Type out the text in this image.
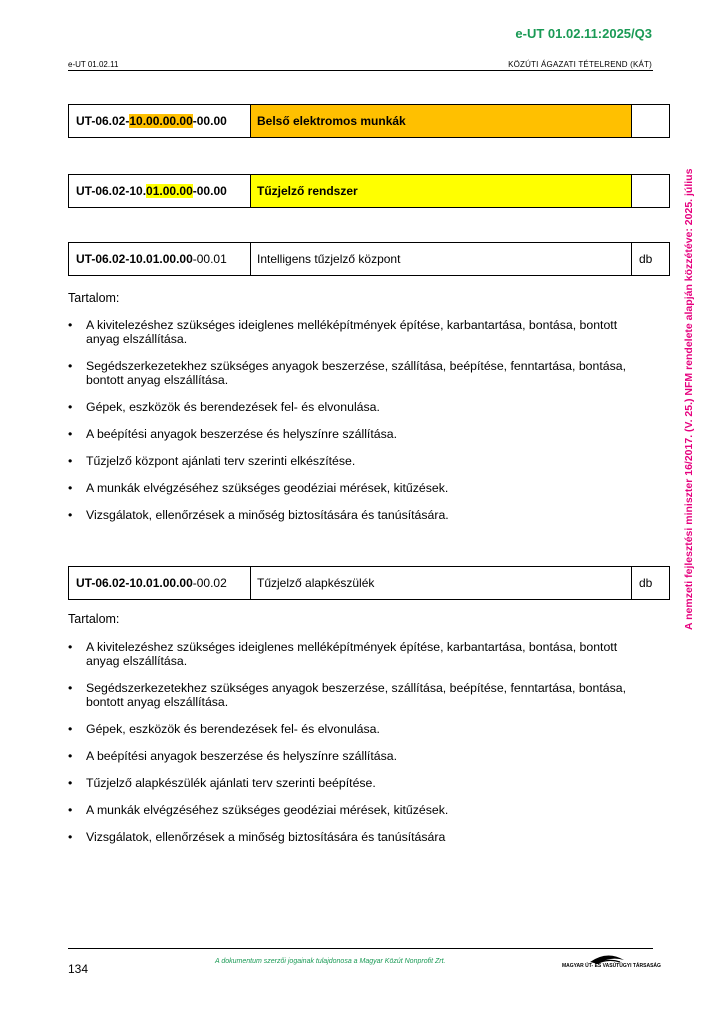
e-UT 01.02.11:2025/Q3
e-UT 01.02.11	KÖZÚTI ÁGAZATI TÉTELREND (KÁT)
A nemzeti fejlesztési miniszter 16/2017. (V. 25.) NFM rendelete alapján közzétéve: 2025. július
UT-06.02- 10.00.00.00 -00.00	Belső elektromos munkák
UT-06.02-10. 01.00.00 -00.00	Tűzjelző rendszer
UT-06.02-10.01.00.00 -00.01	Intelligens tűzjelző központ	db
Tartalom:
• A kivitelezéshez szükséges ideiglenes melléképítmények építése, karbantartása, bontása, bontott anyag elszállítása.
• Segédszerkezetekhez szükséges anyagok beszerzése, szállítása, beépítése, fenntartása, bontása, bontott anyag elszállítása.
• Gépek, eszközök és berendezések fel- és elvonulása.
• A beépítési anyagok beszerzése és helyszínre szállítása.
• Tűzjelző központ ajánlati terv szerinti elkészítése.
• A munkák elvégzéséhez szükséges geodéziai mérések, kitűzések.
• Vizsgálatok, ellenőrzések a minőség biztosítására és tanúsítására.
UT-06.02-10.01.00.00 -00.02	Tűzjelző alapkészülék	db
Tartalom:
• A kivitelezéshez szükséges ideiglenes melléképítmények építése, karbantartása, bontása, bontott anyag elszállítása.
• Segédszerkezetekhez szükséges anyagok beszerzése, szállítása, beépítése, fenntartása, bontása, bontott anyag elszállítása.
• Gépek, eszközök és berendezések fel- és elvonulása.
• A beépítési anyagok beszerzése és helyszínre szállítása.
• Tűzjelző alapkészülék ajánlati terv szerinti beépítése.
• A munkák elvégzéséhez szükséges geodéziai mérések, kitűzések.
• Vizsgálatok, ellenőrzések a minőség biztosítására és tanúsítására
134
A dokumentum szerzői jogainak tulajdonosa a Magyar Közút Nonprofit Zrt.
MAGYAR ÚT- ÉS VASÚTÜGYI TÁRSASÁG
